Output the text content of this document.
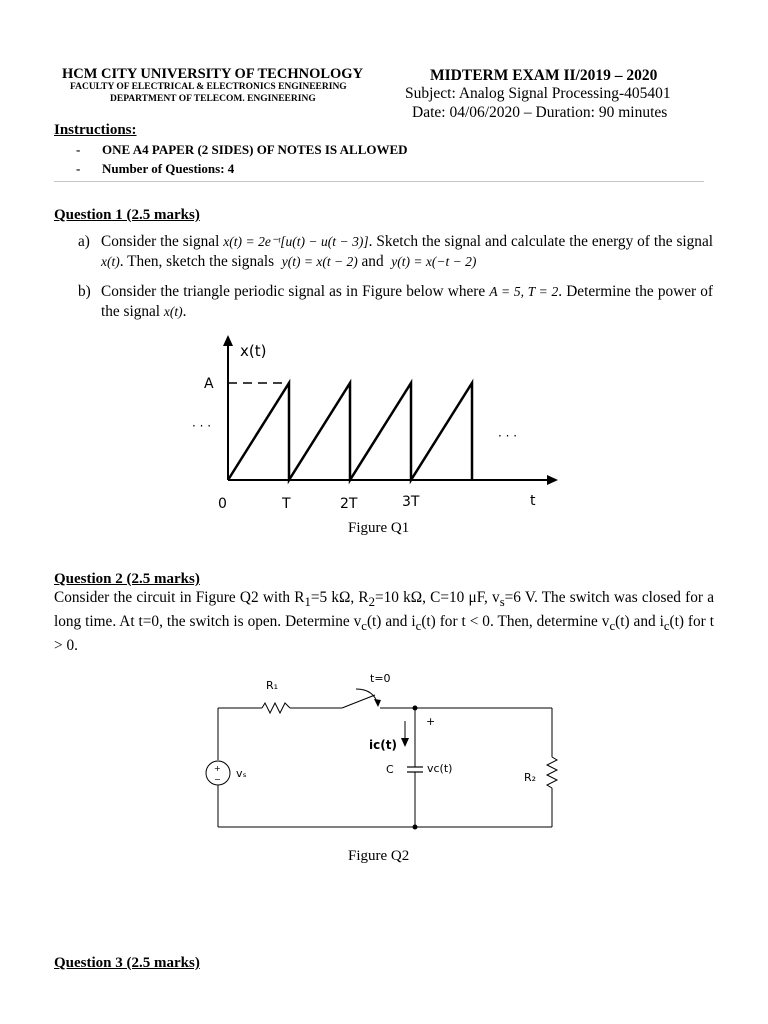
HCM CITY UNIVERSITY OF TECHNOLOGY
FACULTY OF ELECTRICAL & ELECTRONICS ENGINEERING
DEPARTMENT OF TELECOM. ENGINEERING
MIDTERM EXAM II/2019 – 2020
Subject: Analog Signal Processing-405401
Date: 04/06/2020 – Duration: 90 minutes
Instructions:
- ONE A4 PAPER (2 SIDES) OF NOTES IS ALLOWED
- Number of Questions: 4
Question 1 (2.5 marks)
a) Consider the signal x(t) = 2e⁻ᵗ[u(t) − u(t − 3)]. Sketch the signal and calculate the energy of the signal x(t). Then, sketch the signals y(t) = x(t − 2) and y(t) = x(−t − 2)
b) Consider the triangle periodic signal as in Figure below where A = 5, T = 2. Determine the power of the signal x(t).
x(t)
A
· · ·
· · ·
0	T	2T	3T	t
Figure Q1
Question 2 (2.5 marks)
Consider the circuit in Figure Q2 with $R_1=5$ kΩ, $R_2=10$ kΩ, C=10 μF, $v_s=6$ V. The switch was closed for a long time. At t=0, the switch is open. Determine $v_c(t)$ and $i_c(t)$ for t < 0. Then, determine $v_c(t)$ and $i_c(t)$ for t > 0.
R₁
t=0
+
iᴄ(t)
C	vᴄ(t)
+
− vₛ	R₂
Figure Q2
Question 3 (2.5 marks)
